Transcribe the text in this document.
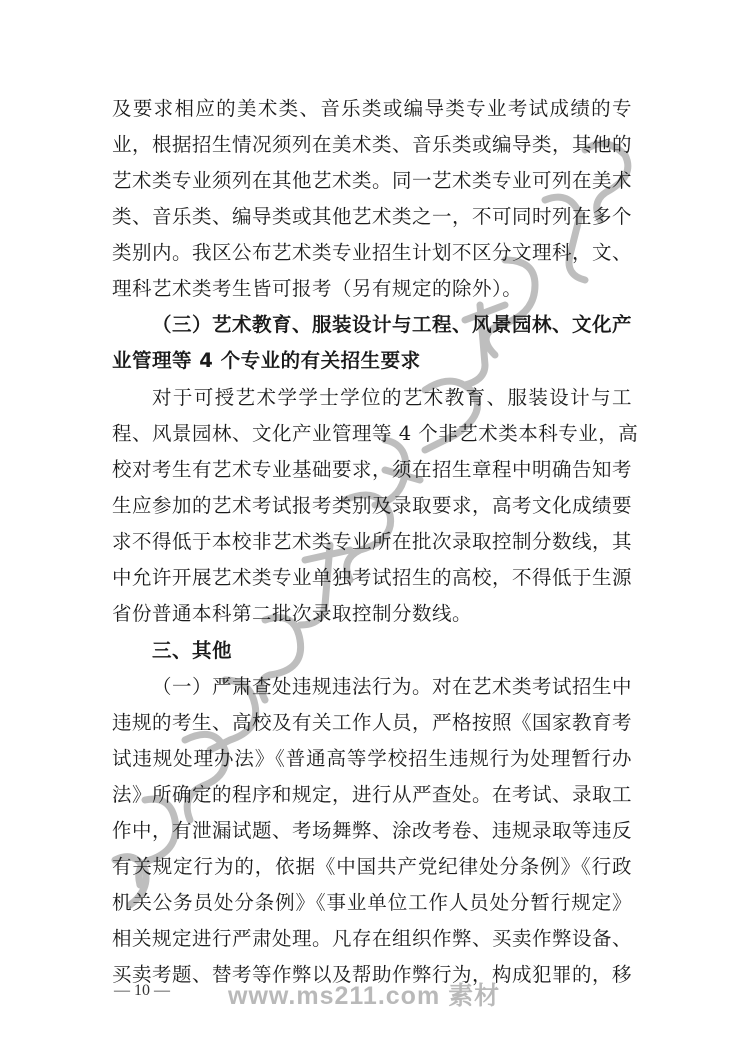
及要求相应的美术类、音乐类或编导类专业考试成绩的专
业，根据招生情况须列在美术类、音乐类或编导类，其他的
艺术类专业须列在其他艺术类。同一艺术类专业可列在美术
类、音乐类、编导类或其他艺术类之一，不可同时列在多个
类别内。我区公布艺术类专业招生计划不区分文理科，文、
理科艺术类考生皆可报考（另有规定的除外）。
（三）艺术教育、服装设计与工程、风景园林、文化产
业管理等 4 个专业的有关招生要求
对于可授艺术学学士学位的艺术教育、服装设计与工
程、风景园林、文化产业管理等 4 个非艺术类本科专业，高
校对考生有艺术专业基础要求，须在招生章程中明确告知考
生应参加的艺术考试报考类别及录取要求，高考文化成绩要
求不得低于本校非艺术类专业所在批次录取控制分数线，其
中允许开展艺术类专业单独考试招生的高校，不得低于生源
省份普通本科第二批次录取控制分数线。
三、其他
（一）严肃查处违规违法行为。对在艺术类考试招生中
违规的考生、高校及有关工作人员，严格按照《国家教育考
试违规处理办法》《普通高等学校招生违规行为处理暂行办
法》所确定的程序和规定，进行从严查处。在考试、录取工
作中，有泄漏试题、考场舞弊、涂改考卷、违规录取等违反
有关规定行为的，依据《中国共产党纪律处分条例》《行政
机关公务员处分条例》《事业单位工作人员处分暂行规定》
相关规定进行严肃处理。凡存在组织作弊、买卖作弊设备、
买卖考题、替考等作弊以及帮助作弊行为，构成犯罪的，移
— 10 — www.ms211.com 素材
